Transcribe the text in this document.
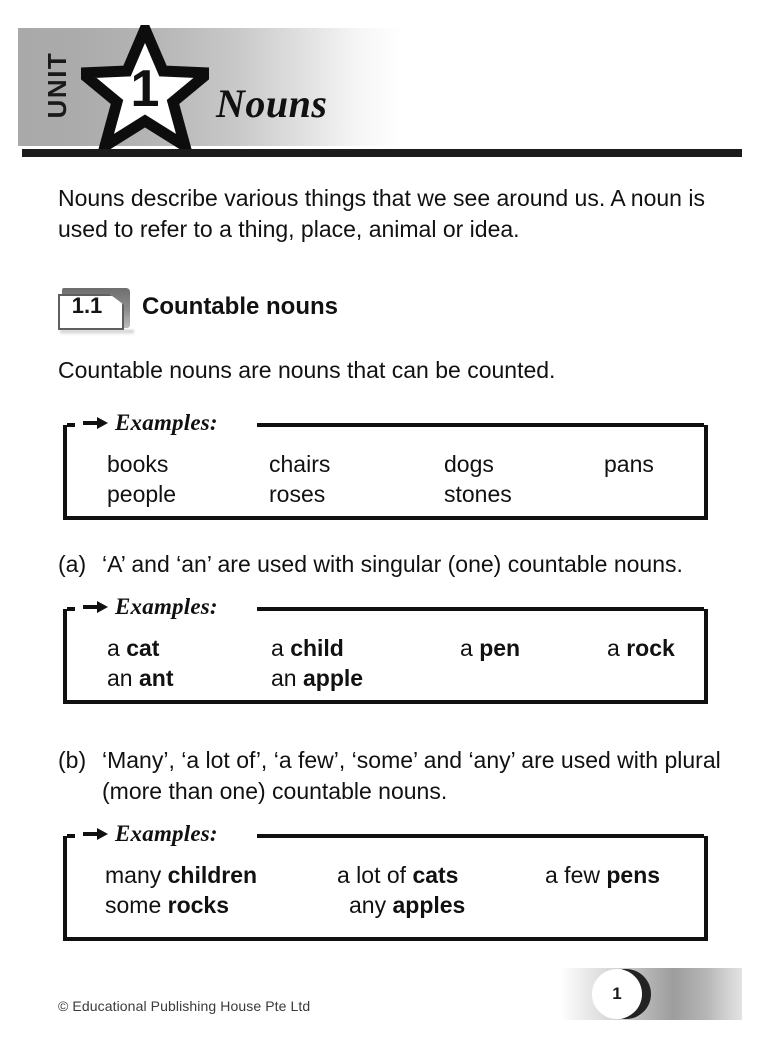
UNIT	1	Nouns
Nouns describe various things that we see around us. A noun is used to refer to a thing, place, animal or idea.
1.1	Countable nouns
Countable nouns are nouns that can be counted.
Examples:
books	chairs	dogs	pans
people	roses	stones
(a) ‘A’ and ‘an’ are used with singular (one) countable nouns.
Examples:
a cat	a child	a pen	a rock
an ant	an apple
(b) ‘Many’, ‘a lot of’, ‘a few’, ‘some’ and ‘any’ are used with plural (more than one) countable nouns.
Examples:
many children	a lot of cats	a few pens
some rocks	any apples
© Educational Publishing House Pte Ltd
1
